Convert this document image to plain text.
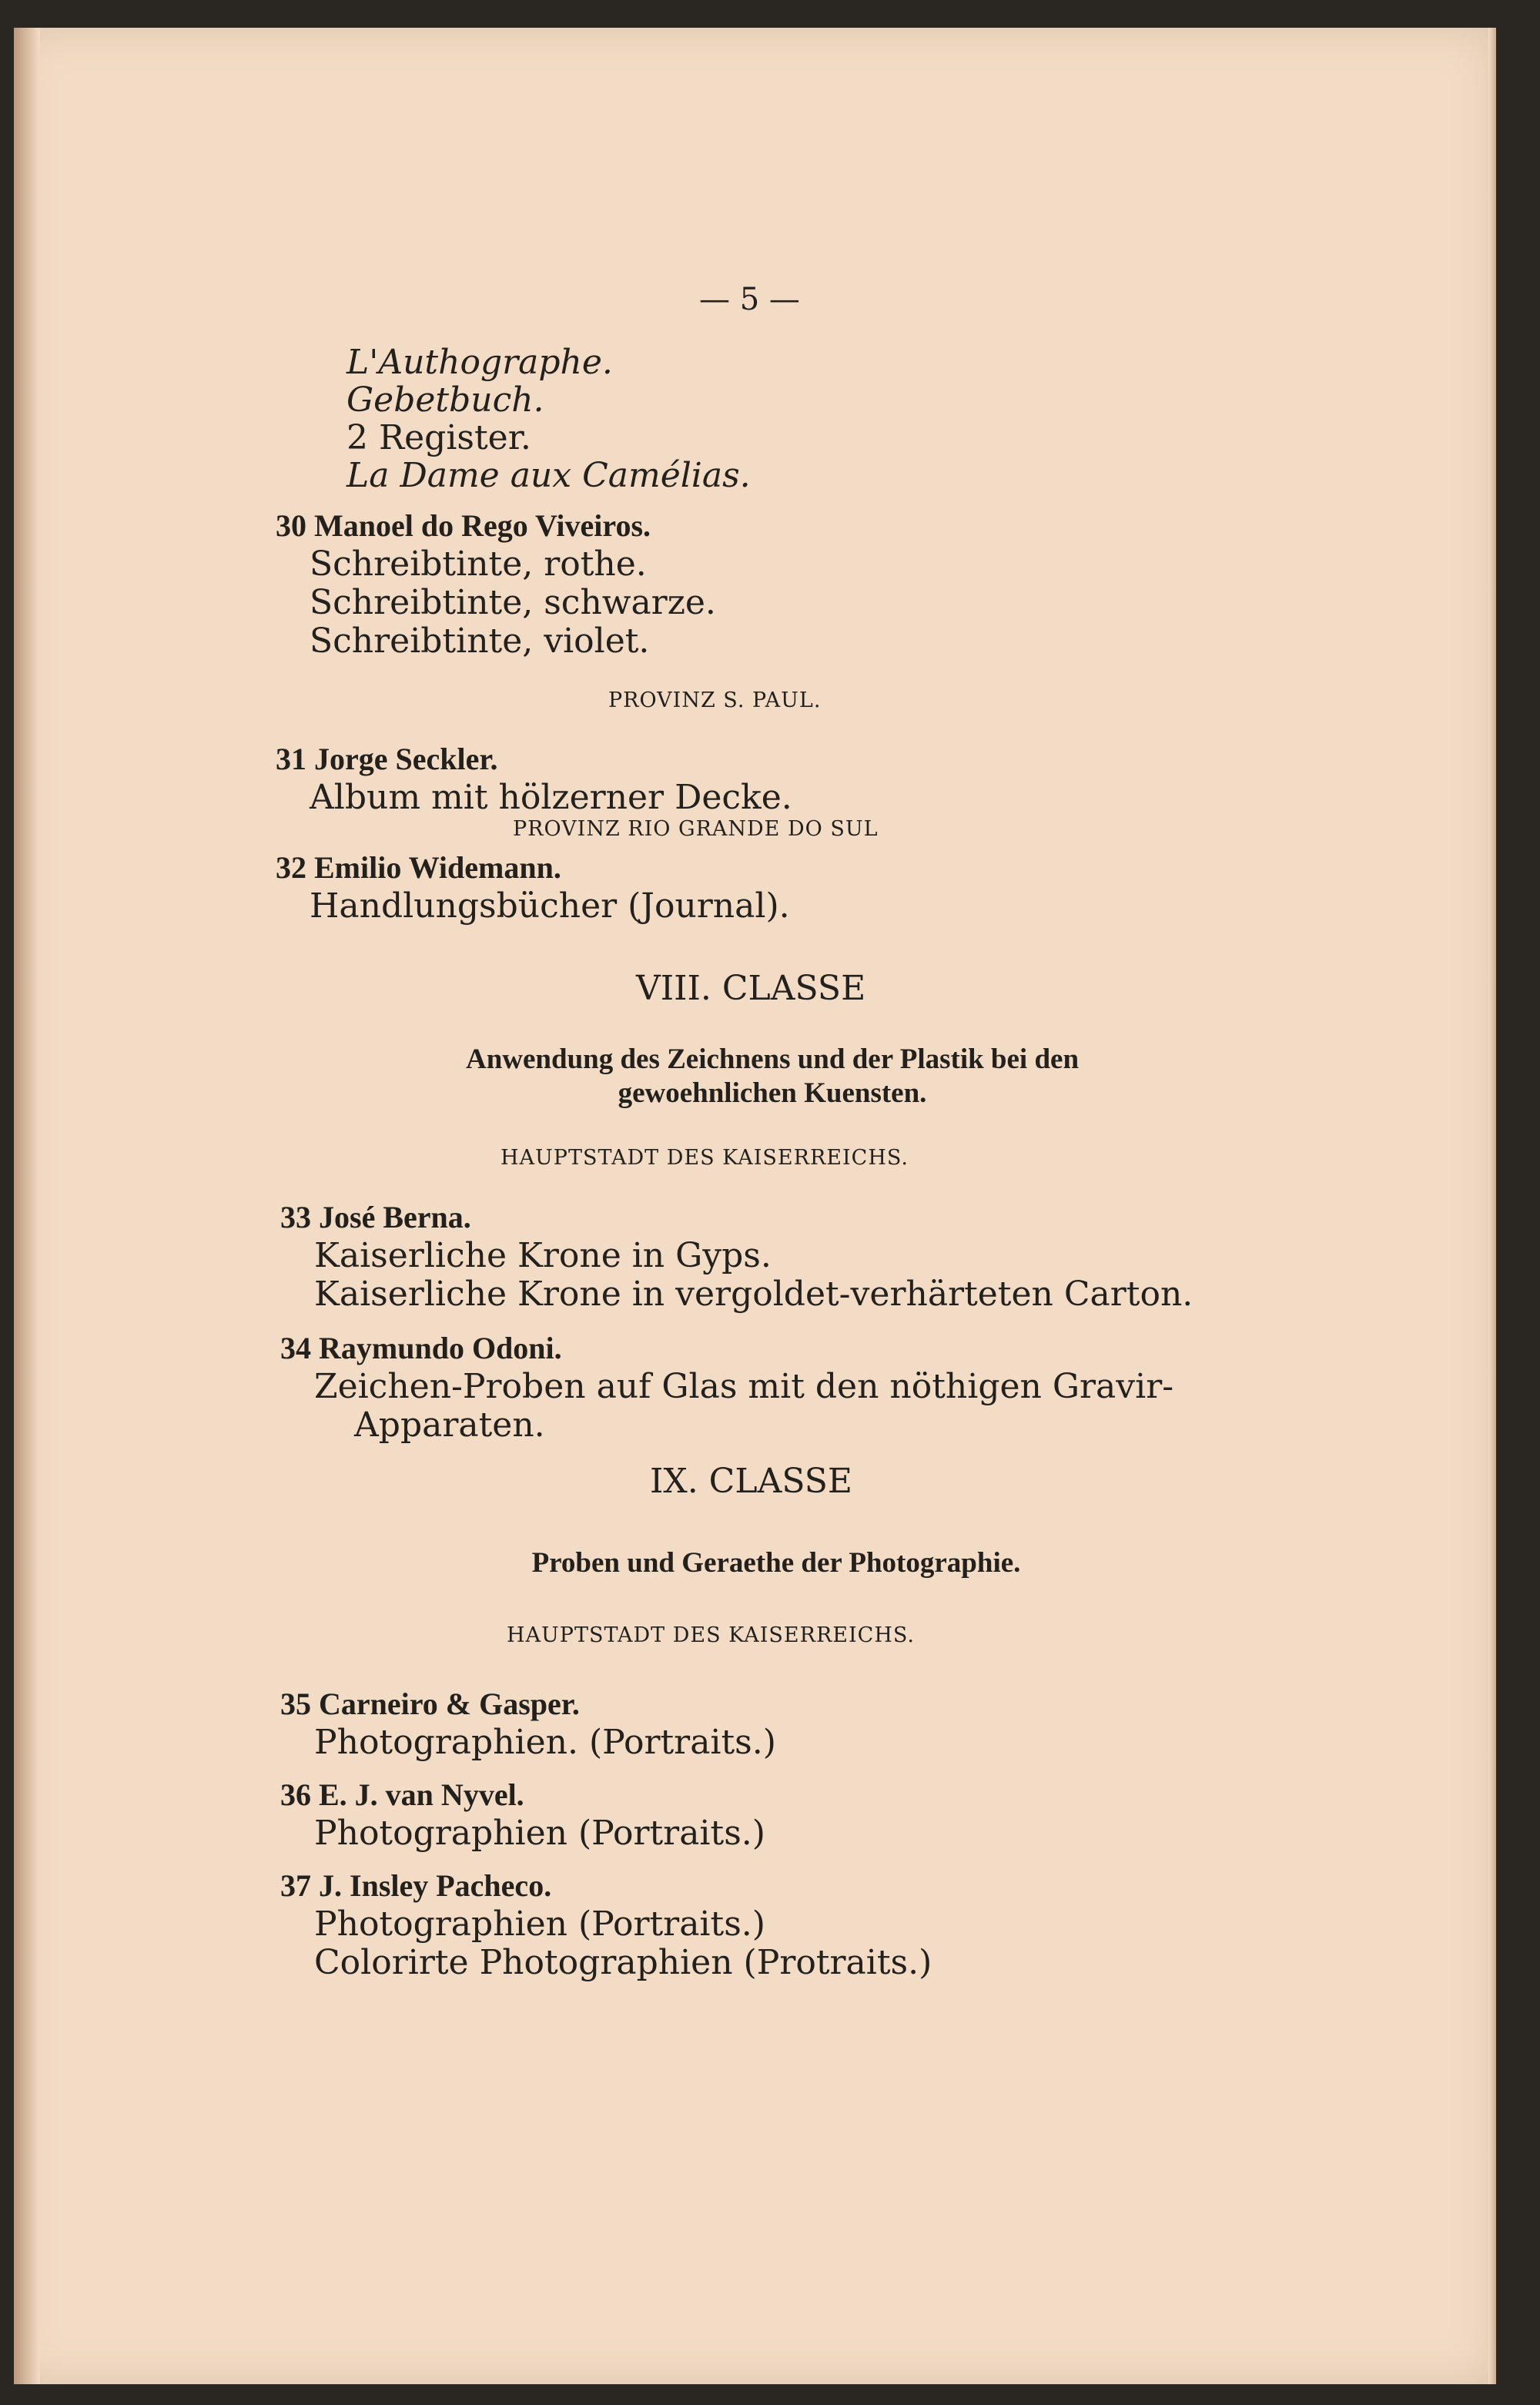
— 5 —
L'Authographe.
Gebetbuch.
2 Register.
La Dame aux Camélias.
30 Manoel do Rego Viveiros.
Schreibtinte, rothe.
Schreibtinte, schwarze.
Schreibtinte, violet.
PROVINZ S. PAUL.
31 Jorge Seckler.
Album mit hölzerner Decke.
PROVINZ RIO GRANDE DO SUL
32 Emilio Widemann.
Handlungsbücher (Journal).
VIII. CLASSE
Anwendung des Zeichnens und der Plastik bei den
gewoehnlichen Kuensten.
HAUPTSTADT DES KAISERREICHS.
33 José Berna.
Kaiserliche Krone in Gyps.
Kaiserliche Krone in vergoldet-verhärteten Carton.
34 Raymundo Odoni.
Zeichen-Proben auf Glas mit den nöthigen Gravir-
Apparaten.
IX. CLASSE
Proben und Geraethe der Photographie.
HAUPTSTADT DES KAISERREICHS.
35 Carneiro & Gasper.
Photographien. (Portraits.)
36 E. J. van Nyvel.
Photographien (Portraits.)
37 J. Insley Pacheco.
Photographien (Portraits.)
Colorirte Photographien (Protraits.)
